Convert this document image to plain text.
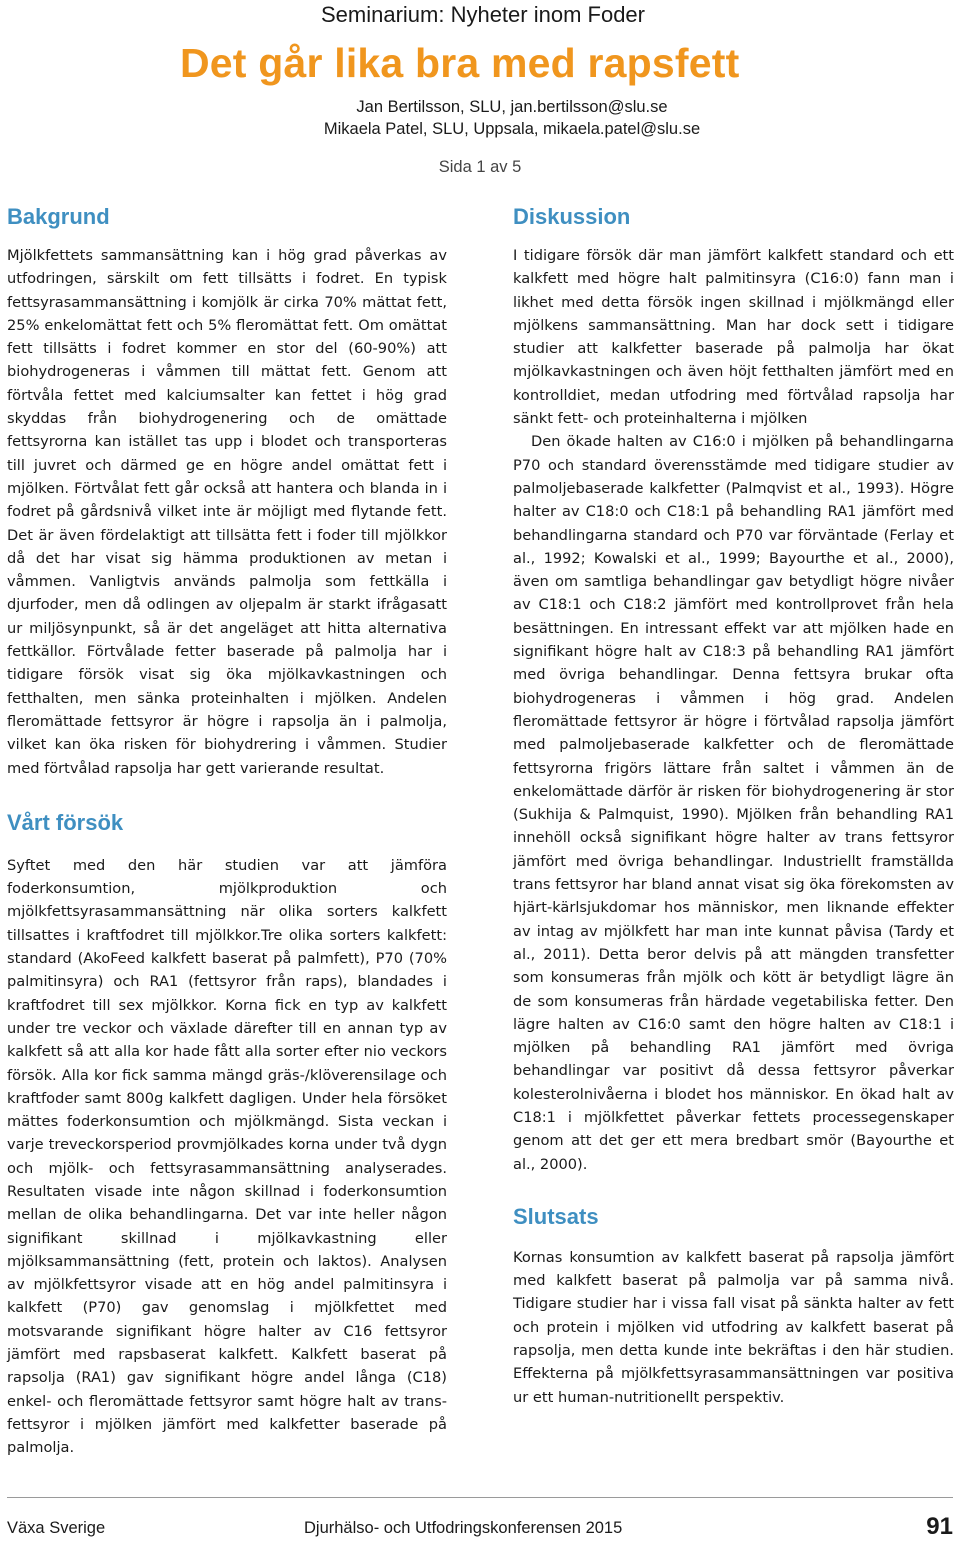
Seminarium: Nyheter inom Foder
Det går lika bra med rapsfett
Jan Bertilsson, SLU, jan.bertilsson@slu.se
Mikaela Patel, SLU, Uppsala, mikaela.patel@slu.se
Sida 1 av 5
Bakgrund

Mjölkfettets sammansättning kan i hög grad påverkas av utfodringen, särskilt om fett tillsätts i fodret. En typisk fettsyrasammansättning i komjölk är cirka 70% mättat fett, 25% enkelomättat fett och 5% fleromättat fett. Om omättat fett tillsätts i fodret kommer en stor del (60-90%) att biohydrogeneras i våmmen till mättat fett. Genom att förtvåla fettet med kalciumsalter kan fettet i hög grad skyddas från biohydrogenering och de omättade fettsyrorna kan istället tas upp i blodet och transporteras till juvret och därmed ge en högre andel omättat fett i mjölken. Förtvålat fett går också att hantera och blanda in i fodret på gårdsnivå vilket inte är möjligt med flytande fett. Det är även fördelaktigt att tillsätta fett i foder till mjölkkor då det har visat sig hämma produktionen av metan i våmmen. Vanligtvis används palmolja som fettkälla i djurfoder, men då odlingen av oljepalm är starkt ifrågasatt ur miljösynpunkt, så är det angeläget att hitta alternativa fettkällor. Förtvålade fetter baserade på palmolja har i tidigare försök visat sig öka mjölkavkastningen och fetthalten, men sänka proteinhalten i mjölken. Andelen fleromättade fettsyror är högre i rapsolja än i palmolja, vilket kan öka risken för biohydrering i våmmen. Studier med förtvålad rapsolja har gett varierande resultat.

Vårt försök

Syftet med den här studien var att jämföra foderkonsumtion, mjölkproduktion och mjölkfettsyrasammansättning när olika sorters kalkfett tillsattes i kraftfodret till mjölkkor.Tre olika sorters kalkfett: standard (AkoFeed kalkfett baserat på palmfett), P70 (70% palmitinsyra) och RA1 (fettsyror från raps), blandades i kraftfodret till sex mjölkkor. Korna fick en typ av kalkfett under tre veckor och växlade därefter till en annan typ av kalkfett så att alla kor hade fått alla sorter efter nio veckors försök. Alla kor fick samma mängd gräs-/klöverensilage och kraftfoder samt 800g kalkfett dagligen. Under hela försöket mättes foderkonsumtion och mjölkmängd. Sista veckan i varje treveckorsperiod provmjölkades korna under två dygn och mjölk- och fettsyrasammansättning analyserades. Resultaten visade inte någon skillnad i foderkonsumtion mellan de olika behandlingarna. Det var inte heller någon signifikant skillnad i mjölkavkastning eller mjölksammansättning (fett, protein och laktos). Analysen av mjölkfettsyror visade att en hög andel palmitinsyra i kalkfett (P70) gav genomslag i mjölkfettet med motsvarande signifikant högre halter av C16 fettsyror jämfört med rapsbaserat kalkfett. Kalkfett baserat på rapsolja (RA1) gav signifikant högre andel långa (C18) enkel- och fleromättade fettsyror samt högre halt av trans-fettsyror i mjölken jämfört med kalkfetter baserade på palmolja.

Diskussion

I tidigare försök där man jämfört kalkfett standard och ett kalkfett med högre halt palmitinsyra (C16:0) fann man i likhet med detta försök ingen skillnad i mjölkmängd eller mjölkens sammansättning. Man har dock sett i tidigare studier att kalkfetter baserade på palmolja har ökat mjölkavkastningen och även höjt fetthalten jämfört med en kontrolldiet, medan utfodring med förtvålad rapsolja har sänkt fett- och proteinhalterna i mjölken

Den ökade halten av C16:0 i mjölken på behandlingarna P70 och standard överensstämde med tidigare studier av palmoljebaserade kalkfetter (Palmqvist et al., 1993). Högre halter av C18:0 och C18:1 på behandling RA1 jämfört med behandlingarna standard och P70 var förväntade (Ferlay et al., 1992; Kowalski et al., 1999; Bayourthe et al., 2000), även om samtliga behandlingar gav betydligt högre nivåer av C18:1 och C18:2 jämfört med kontrollprovet från hela besättningen. En intressant effekt var att mjölken hade en signifikant högre halt av C18:3 på behandling RA1 jämfört med övriga behandlingar. Denna fettsyra brukar ofta biohydrogeneras i våmmen i hög grad. Andelen fleromättade fettsyror är högre i förtvålad rapsolja jämfört med palmoljebaserade kalkfetter och de fleromättade fettsyrorna frigörs lättare från saltet i våmmen än de enkelomättade därför är risken för biohydrogenering är stor (Sukhija & Palmquist, 1990). Mjölken från behandling RA1 innehöll också signifikant högre halter av trans fettsyror jämfört med övriga behandlingar. Industriellt framställda trans fettsyror har bland annat visat sig öka förekomsten av hjärt-kärlsjukdomar hos människor, men liknande effekter av intag av mjölkfett har man inte kunnat påvisa (Tardy et al., 2011). Detta beror delvis på att mängden transfetter som konsumeras från mjölk och kött är betydligt lägre än de som konsumeras från härdade vegetabiliska fetter. Den lägre halten av C16:0 samt den högre halten av C18:1 i mjölken på behandling RA1 jämfört med övriga behandlingar var positivt då dessa fettsyror påverkar kolesterolnivåerna i blodet hos människor. En ökad halt av C18:1 i mjölkfettet påverkar fettets processegenskaper genom att det ger ett mera bredbart smör (Bayourthe et al., 2000).

Slutsats

Kornas konsumtion av kalkfett baserat på rapsolja jämfört med kalkfett baserat på palmolja var på samma nivå. Tidigare studier har i vissa fall visat på sänkta halter av fett och protein i mjölken vid utfodring av kalkfett baserat på rapsolja, men detta kunde inte bekräftas i den här studien. Effekterna på mjölkfettsyrasammansättningen var positiva ur ett human-nutritionellt perspektiv.

Växa Sverige	Djurhälso- och Utfodringskonferensen 2015	91
